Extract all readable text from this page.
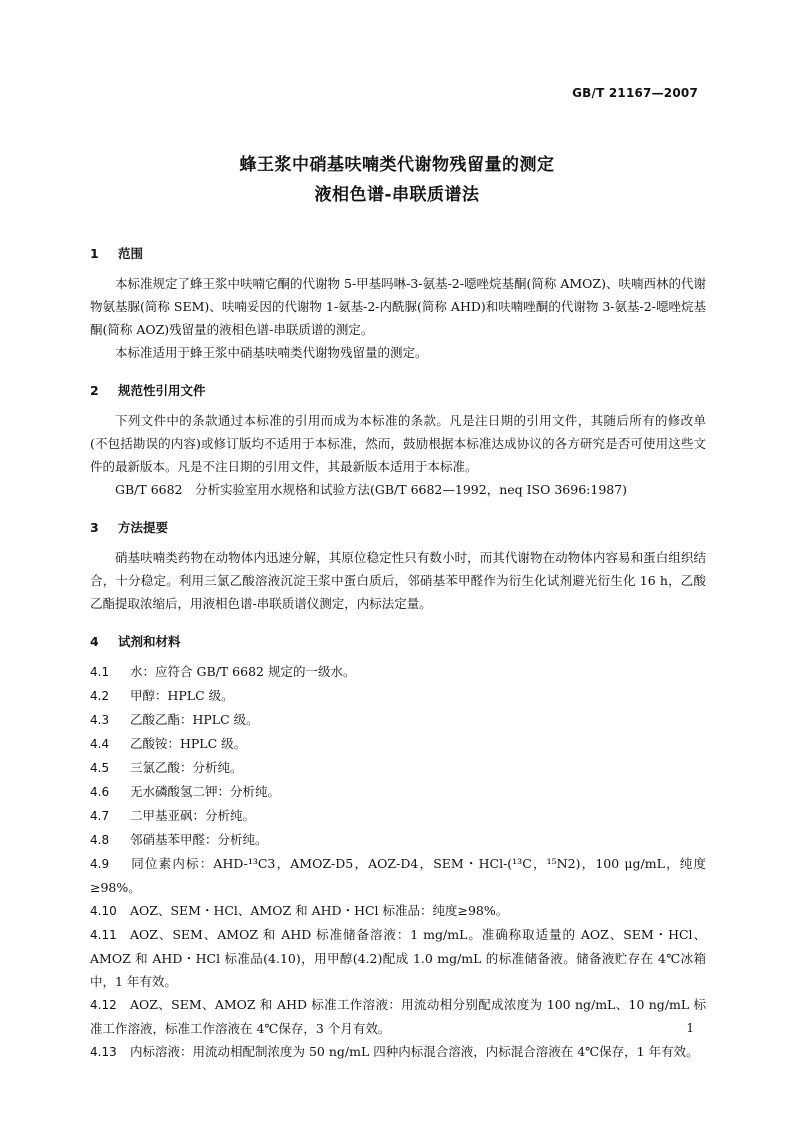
GB/T 21167—2007
蜂王浆中硝基呋喃类代谢物残留量的测定
液相色谱-串联质谱法
1 范围

本标准规定了蜂王浆中呋喃它酮的代谢物 5-甲基吗啉-3-氨基-2-噁唑烷基酮(简称 AMOZ)、呋喃西林的代谢物氨基脲(简称 SEM)、呋喃妥因的代谢物 1-氨基-2-内酰脲(简称 AHD)和呋喃唑酮的代谢物 3-氨基-2-噁唑烷基酮(简称 AOZ)残留量的液相色谱-串联质谱的测定。

本标准适用于蜂王浆中硝基呋喃类代谢物残留量的测定。

2 规范性引用文件

下列文件中的条款通过本标准的引用而成为本标准的条款。凡是注日期的引用文件，其随后所有的修改单(不包括勘误的内容)或修订版均不适用于本标准，然而，鼓励根据本标准达成协议的各方研究是否可使用这些文件的最新版本。凡是不注日期的引用文件，其最新版本适用于本标准。

GB/T 6682　分析实验室用水规格和试验方法(GB/T 6682—1992，neq ISO 3696:1987)

3 方法提要

硝基呋喃类药物在动物体内迅速分解，其原位稳定性只有数小时，而其代谢物在动物体内容易和蛋白组织结合，十分稳定。利用三氯乙酸溶液沉淀王浆中蛋白质后，邻硝基苯甲醛作为衍生化试剂避光衍生化 16 h，乙酸乙酯提取浓缩后，用液相色谱-串联质谱仪测定，内标法定量。

4 试剂和材料

4.1 水：应符合 GB/T 6682 规定的一级水。

4.2 甲醇：HPLC 级。

4.3 乙酸乙酯：HPLC 级。

4.4 乙酸铵：HPLC 级。

4.5 三氯乙酸：分析纯。

4.6 无水磷酸氢二钾：分析纯。

4.7 二甲基亚砜：分析纯。

4.8 邻硝基苯甲醛：分析纯。

4.9 同位素内标：AHD-¹³C3，AMOZ-D5，AOZ-D4，SEM・HCl-(¹³C，¹⁵N2)，100 μg/mL，纯度≥98%。

4.10 AOZ、SEM・HCl、AMOZ 和 AHD・HCl 标准品：纯度≥98%。

4.11 AOZ、SEM、AMOZ 和 AHD 标准储备溶液：1 mg/mL。准确称取适量的 AOZ、SEM・HCl、AMOZ 和 AHD・HCl 标准品(4.10)，用甲醇(4.2)配成 1.0 mg/mL 的标准储备液。储备液贮存在 4℃冰箱中，1 年有效。

4.12 AOZ、SEM、AMOZ 和 AHD 标准工作溶液：用流动相分别配成浓度为 100 ng/mL、10 ng/mL 标准工作溶液，标准工作溶液在 4℃保存，3 个月有效。

4.13 内标溶液：用流动相配制浓度为 50 ng/mL 四种内标混合溶液，内标混合溶液在 4℃保存，1 年有效。

1
